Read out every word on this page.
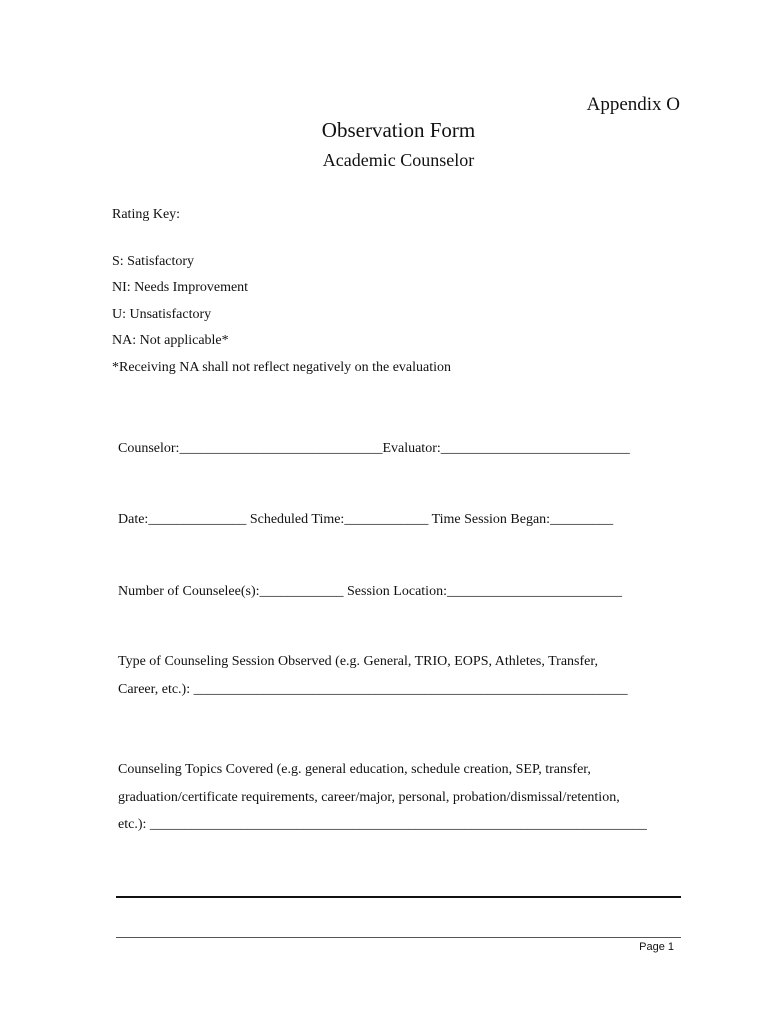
Appendix O
Observation Form
Academic Counselor
Rating Key:
S: Satisfactory
NI: Needs Improvement
U: Unsatisfactory
NA: Not applicable*
*Receiving NA shall not reflect negatively on the evaluation
Counselor:_____________________________Evaluator:___________________________
Date:______________ Scheduled Time:____________ Time Session Began:_________
Number of Counselee(s):____________ Session Location:_________________________
Type of Counseling Session Observed (e.g. General, TRIO, EOPS, Athletes, Transfer,
Career, etc.): ______________________________________________________________
Counseling Topics Covered (e.g. general education, schedule creation, SEP, transfer,
graduation/certificate requirements, career/major, personal, probation/dismissal/retention,
etc.): _______________________________________________________________________
Page 1
